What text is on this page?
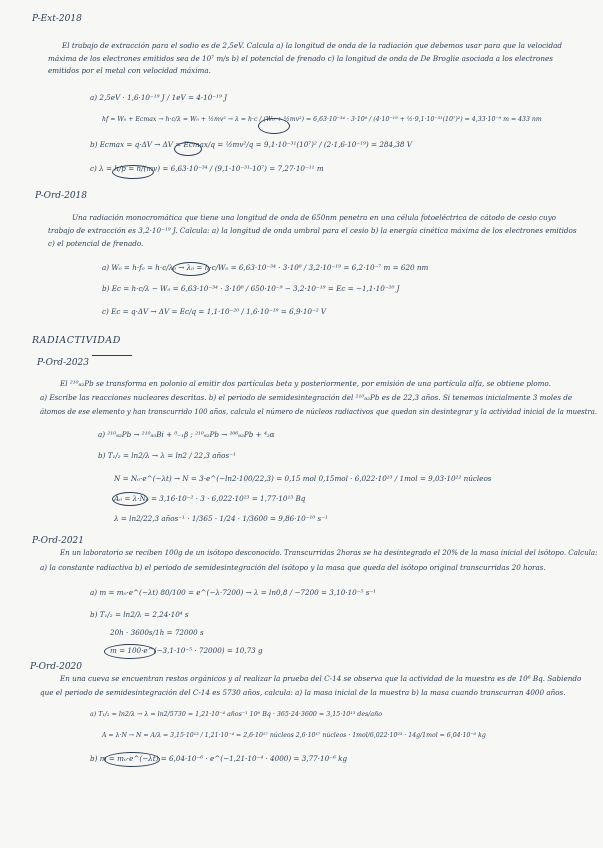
P-Ext-2018
El trabajo de extracción para el sodio es de 2,5eV. Calcula a) la longitud de onda de la radiación que debemos usar para que la velocidad
máxima de los electrones emitidos sea de 10⁷ m/s b) el potencial de frenado c) la longitud de onda de De Broglie asociada a los electrones
emitidos por el metal con velocidad máxima.
a) 2,5eV · 1,6·10⁻¹⁹ J / 1eV = 4·10⁻¹⁹ J
hf = W₀ + Ecmax → h·c/λ = W₀ + ½mv² → λ = h·c / (W₀ + ½mv²) = 6,63·10⁻³⁴ · 3·10⁸ / (4·10⁻¹⁹ + ½·9,1·10⁻³¹(10⁷)²) = 4,33·10⁻⁹ m = 433 nm
b) Ecmax = q·ΔV → ΔV = Ecmax/q = ½mv²/q = 9,1·10⁻³¹(10⁷)² / (2·1,6·10⁻¹⁹) = 284,38 V
c) λ = h/p = h/(mv) = 6,63·10⁻³⁴ / (9,1·10⁻³¹·10⁷) = 7,27·10⁻¹¹ m
P-Ord-2018
Una radiación monocromática que tiene una longitud de onda de 650nm penetra en una célula fotoeléctrica de cátodo de cesio cuyo
trabajo de extracción es 3,2·10⁻¹⁹ J. Calcula: a) la longitud de onda umbral para el cesio b) la energía cinética máxima de los electrones emitidos
c) el potencial de frenado.
a) W₀ = h·f₀ = h·c/λ₀ → λ₀ = h·c/W₀ = 6,63·10⁻³⁴ · 3·10⁸ / 3,2·10⁻¹⁹ = 6,2·10⁻⁷ m = 620 nm
b) Ec = h·c/λ − W₀ = 6,63·10⁻³⁴ · 3·10⁸ / 650·10⁻⁹ − 3,2·10⁻¹⁹ = Ec = −1,1·10⁻²⁰ J
c) Ec = q·ΔV → ΔV = Ec/q = 1,1·10⁻²⁰ / 1,6·10⁻¹⁹ = 6,9·10⁻² V
RADIACTIVIDAD
P-Ord-2023
El ²¹⁰₈₂Pb se transforma en polonio al emitir dos partículas beta y posteriormente, por emisión de una partícula alfa, se obtiene plomo.
a) Escribe las reacciones nucleares descritas. b) el periodo de semidesintegración del ²¹⁰₈₂Pb es de 22,3 años. Si tenemos inicialmente 3 moles de
átomos de ese elemento y han transcurrido 100 años, calcula el número de núcleos radiactivos que quedan sin desintegrar y la actividad inicial de la muestra.
a) ²¹⁰₈₂Pb → ²¹⁰₈₃Bi + ⁰₋₁β ; ²¹⁰₈₂Pb → ²⁰⁶₈₂Pb + ⁴₂α
b) T₁/₂ = ln2/λ → λ = ln2 / 22,3 años⁻¹
N = N₀·e^(−λt) → N = 3·e^(−ln2·100/22,3) = 0,15 mol 0,15mol · 6,022·10²³ / 1mol = 9,03·10²² núcleos
A₀ = λ·N₀ = 3,16·10⁻² · 3 · 6,022·10²³ = 1,77·10¹³ Bq
λ = ln2/22,3 años⁻¹ · 1/365 · 1/24 · 1/3600 = 9,86·10⁻¹⁰ s⁻¹
P-Ord-2021
En un laboratorio se reciben 100g de un isótopo desconocido. Transcurridas 2horas se ha desintegrado el 20% de la masa inicial del isótopo. Calcula:
a) la constante radiactiva b) el periodo de semidesintegración del isótopo y la masa que queda del isótopo original transcurridas 20 horas.
a) m = m₀·e^(−λt) 80/100 = e^(−λ·7200) → λ = ln0,8 / −7200 = 3,10·10⁻⁵ s⁻¹
b) T₁/₂ = ln2/λ = 2,24·10⁴ s
20h · 3600s/1h = 72000 s
m = 100·e^(−3,1·10⁻⁵ · 72000) = 10,73 g
P-Ord-2020
En una cueva se encuentran restos orgánicos y al realizar la prueba del C-14 se observa que la actividad de la muestra es de 10⁶ Bq. Sabiendo
que el periodo de semidesintegración del C-14 es 5730 años, calcula: a) la masa inicial de la muestra b) la masa cuando transcurran 4000 años.
a) T₁/₂ = ln2/λ → λ = ln2/5730 = 1,21·10⁻⁴ años⁻¹ 10⁶ Bq · 365·24·3600 = 3,15·10¹³ des/año
A = λ·N → N = A/λ = 3,15·10¹³ / 1,21·10⁻⁴ = 2,6·10¹⁷ núcleos 2,6·10¹⁷ núcleos · 1mol/6,022·10²³ · 14g/1mol = 6,04·10⁻⁶ kg
b) m = m₀·e^(−λt) = 6,04·10⁻⁶ · e^(−1,21·10⁻⁴ · 4000) = 3,77·10⁻⁶ kg
